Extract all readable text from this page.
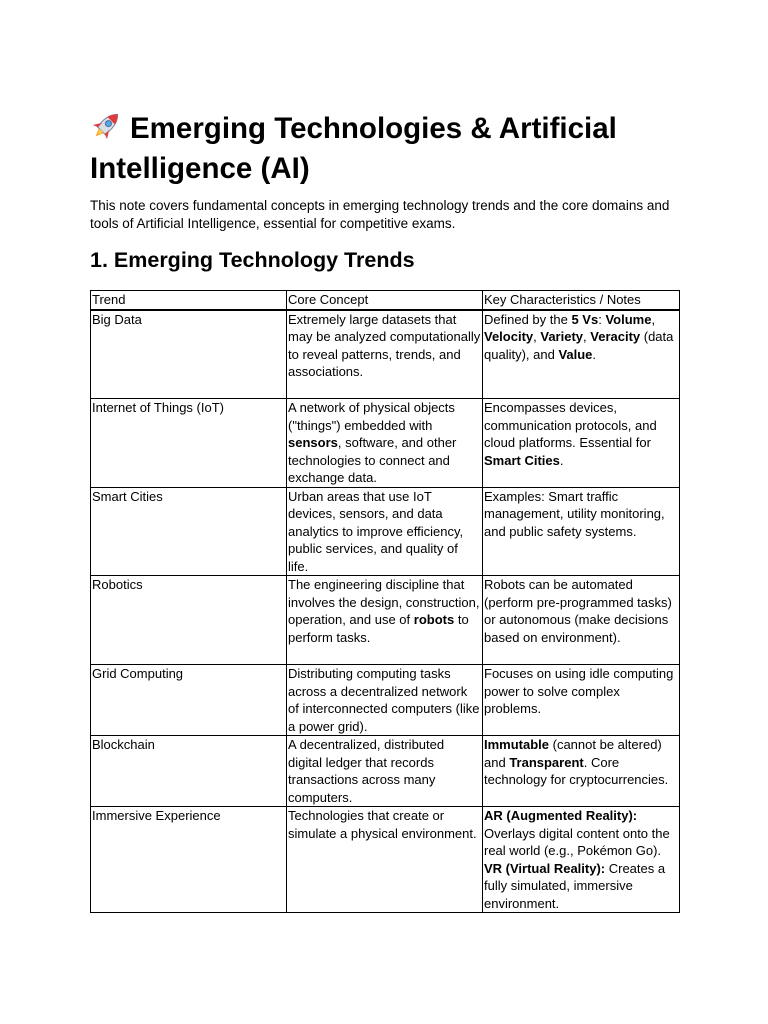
Emerging Technologies & Artificial Intelligence (AI)

This note covers fundamental concepts in emerging technology trends and the core domains and tools of Artificial Intelligence, essential for competitive exams.

1. Emerging Technology Trends
Trend	Core Concept	Key Characteristics / Notes
Big Data	Extremely large datasets that may be analyzed computationally to reveal patterns, trends, and associations.	Defined by the 5 Vs: Volume, Velocity, Variety, Veracity (data quality), and Value.
Internet of Things (IoT)	A network of physical objects ("things") embedded with sensors, software, and other technologies to connect and exchange data.	Encompasses devices, communication protocols, and cloud platforms. Essential for Smart Cities.
Smart Cities	Urban areas that use IoT devices, sensors, and data analytics to improve efficiency, public services, and quality of life.	Examples: Smart traffic management, utility monitoring, and public safety systems.
Robotics	The engineering discipline that involves the design, construction, operation, and use of robots to perform tasks.	Robots can be automated (perform pre-programmed tasks) or autonomous (make decisions based on environment).
Grid Computing	Distributing computing tasks across a decentralized network of interconnected computers (like a power grid).	Focuses on using idle computing power to solve complex problems.
Blockchain	A decentralized, distributed digital ledger that records transactions across many computers.	Immutable (cannot be altered) and Transparent. Core technology for cryptocurrencies.
Immersive Experience	Technologies that create or simulate a physical environment.	AR (Augmented Reality): Overlays digital content onto the real world (e.g., Pokémon Go). VR (Virtual Reality): Creates a fully simulated, immersive environment.
